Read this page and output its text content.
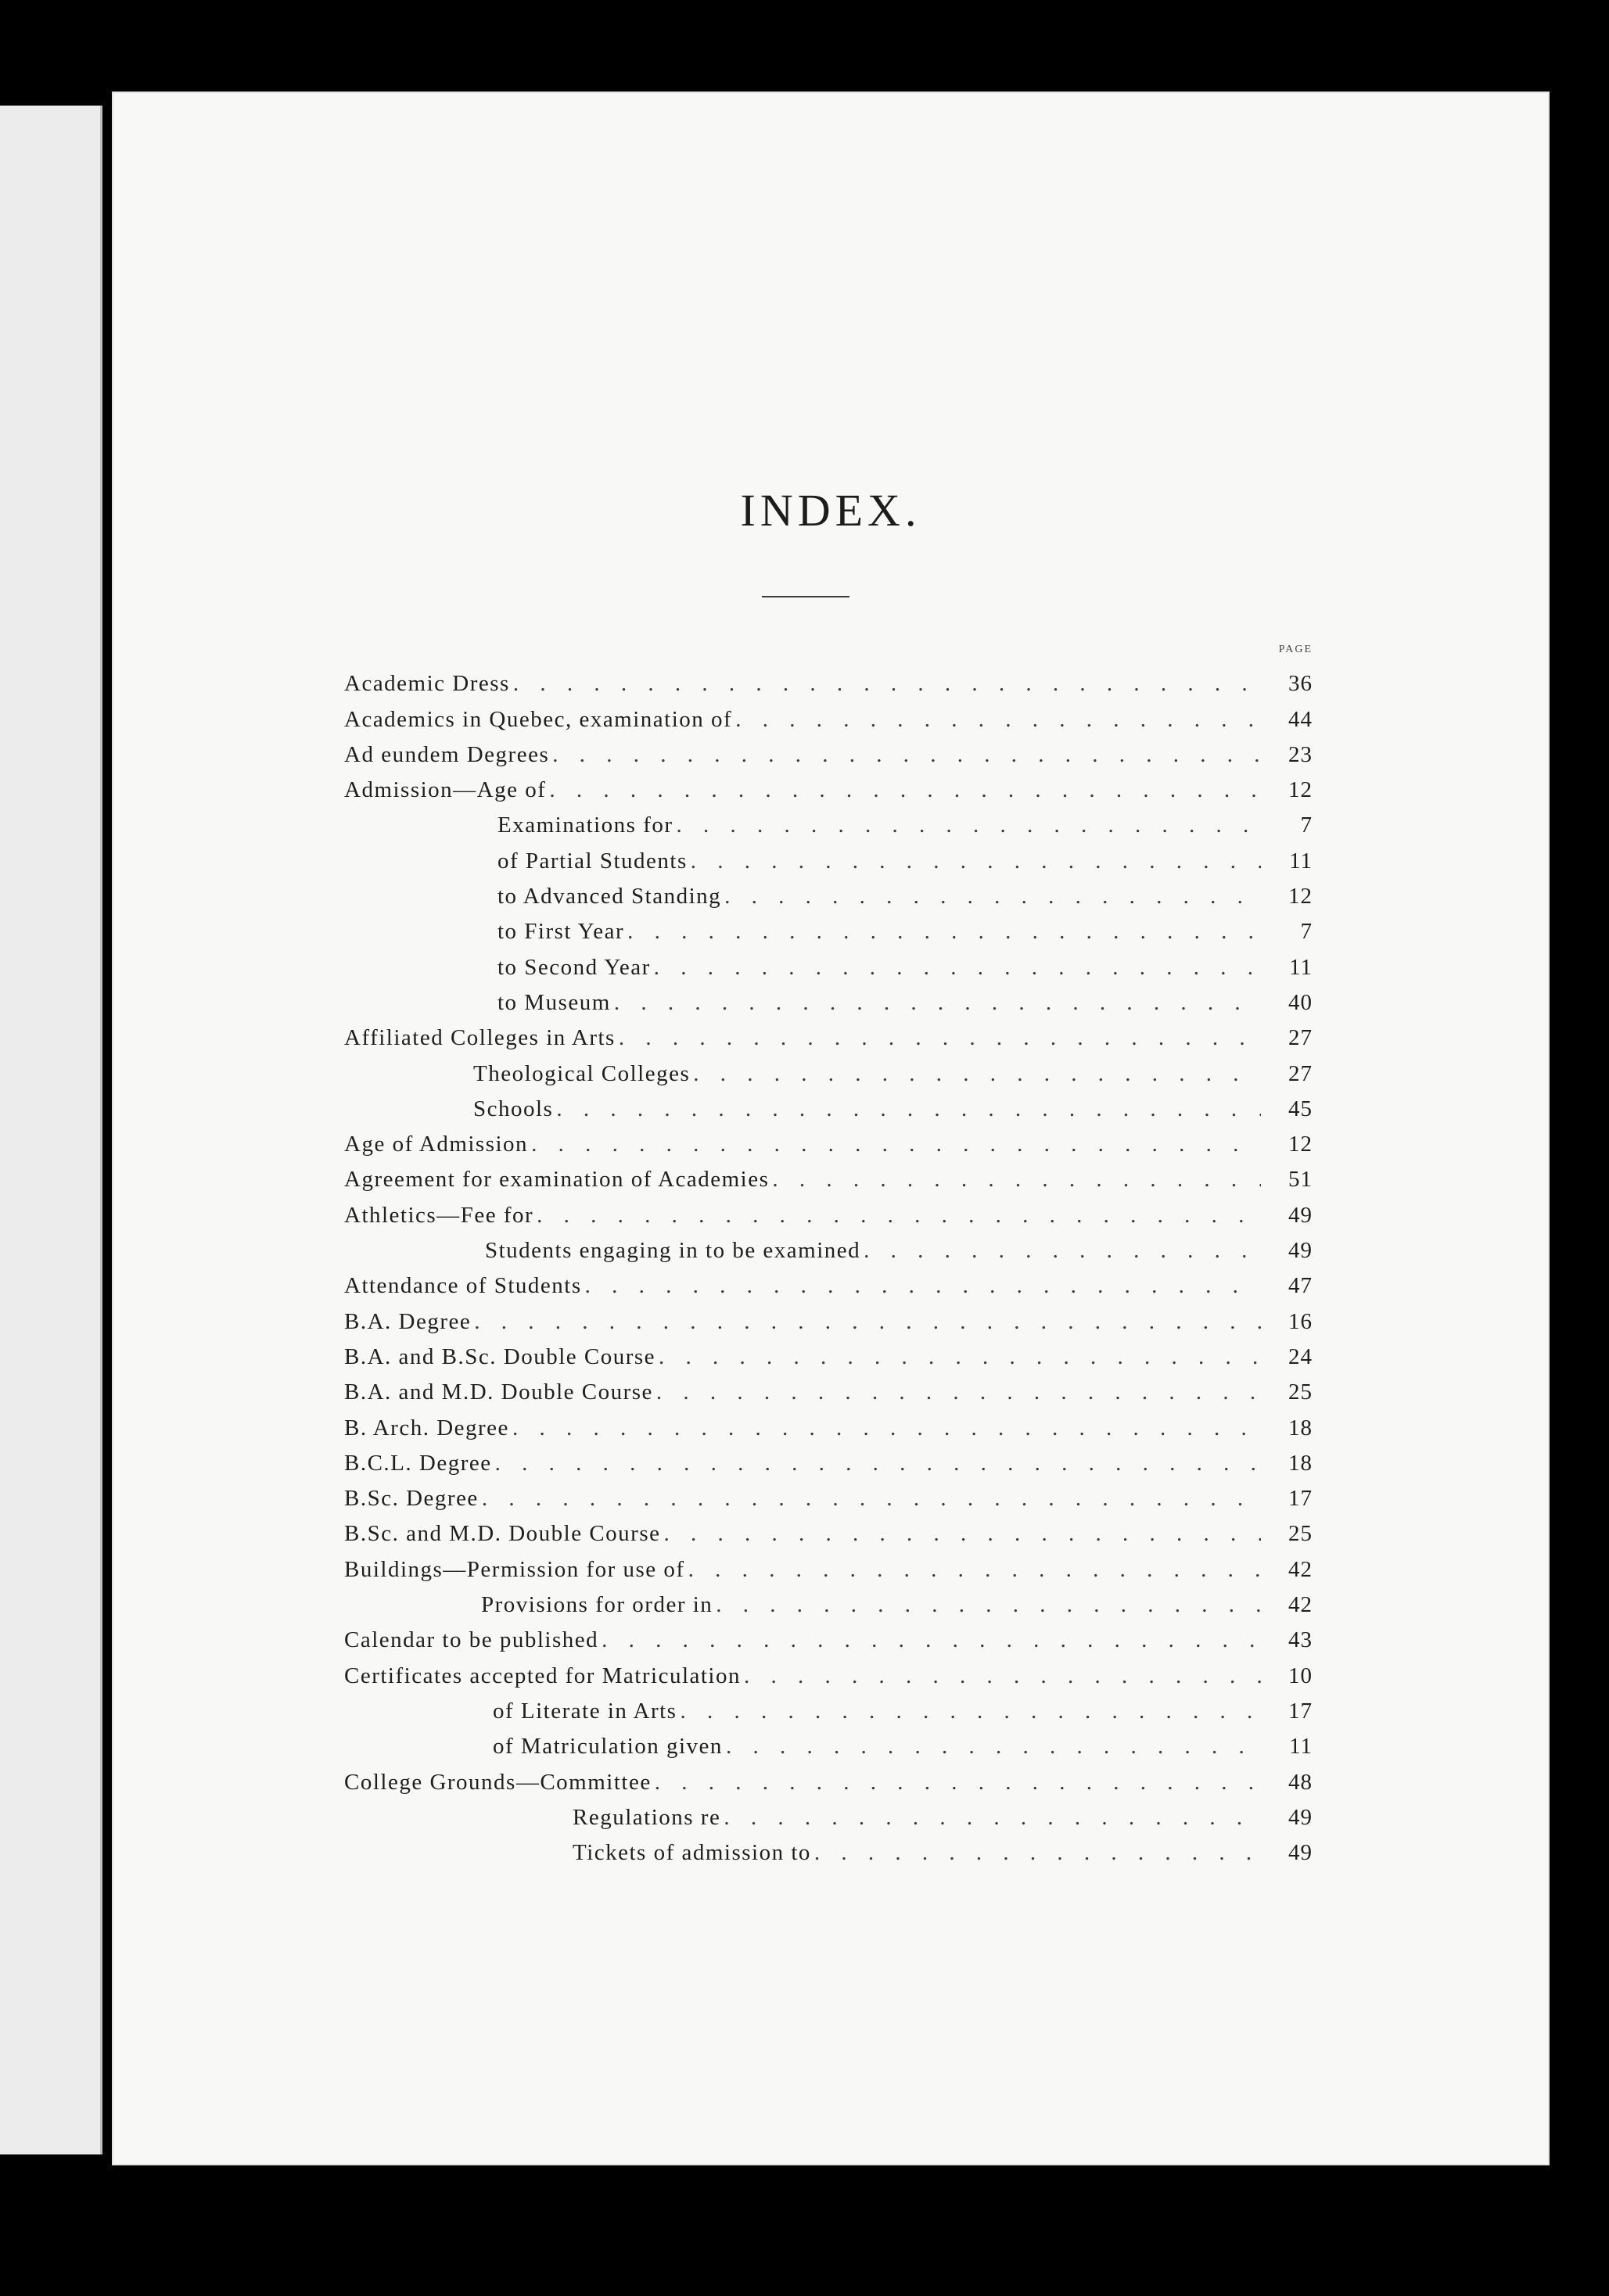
INDEX.
PAGE
Academic Dress . . .	36
Academics in Quebec, examination of . . .	44
Ad eundem Degrees . . .	23
Admission—Age of . . .	12
Examinations for . . .	7
of Partial Students . . .	11
to Advanced Standing . . .	12
to First Year . . .	7
to Second Year . . .	11
to Museum . . .	40
Affiliated Colleges in Arts . . .	27
Theological Colleges . . .	27
Schools . . .	45
Age of Admission . . .	12
Agreement for examination of Academies . . .	51
Athletics—Fee for . . .	49
Students engaging in to be examined . . .	49
Attendance of Students . . .	47
B.A. Degree . . .	16
B.A. and B.Sc. Double Course . . .	24
B.A. and M.D. Double Course . . .	25
B. Arch. Degree . . .	18
B.C.L. Degree . . .	18
B.Sc. Degree . . .	17
B.Sc. and M.D. Double Course . . .	25
Buildings—Permission for use of . . .	42
Provisions for order in . . .	42
Calendar to be published . . .	43
Certificates accepted for Matriculation . . .	10
of Literate in Arts . . .	17
of Matriculation given . . .	11
College Grounds—Committee . . .	48
Regulations re . . .	49
Tickets of admission to . . .	49
